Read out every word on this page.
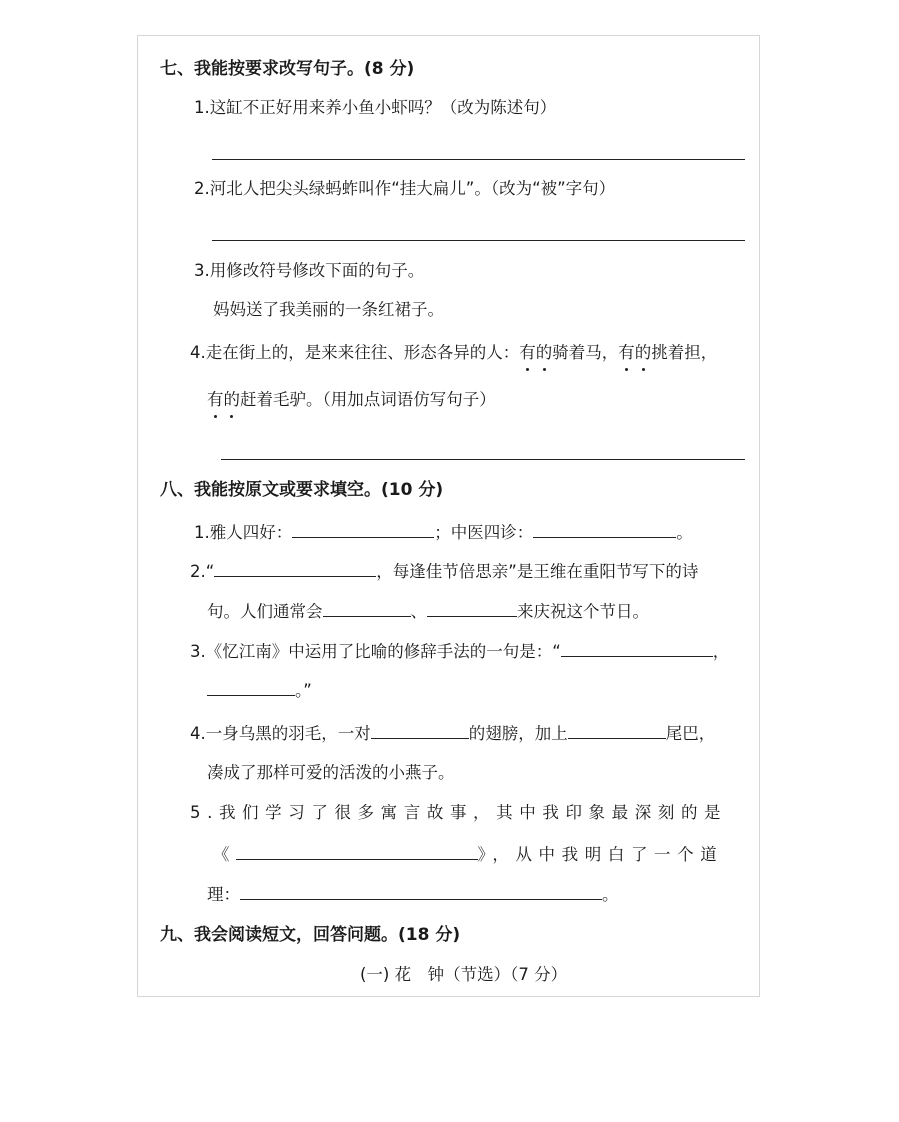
七、我能按要求改写句子。(8 分)
1.这缸不正好用来养小鱼小虾吗？（改为陈述句）
2.河北人把尖头绿蚂蚱叫作“挂大扁儿”。（改为“被”字句）
3.用修改符号修改下面的句子。
妈妈送了我美丽的一条红裙子。
4.走在街上的，是来来往往、形态各异的人：有的骑着马，有的挑着担，
有的赶着毛驴。（用加点词语仿写句子）
八、我能按原文或要求填空。(10 分)
1.雅人四好：	；中医四诊：	。
2.“	，每逢佳节倍思亲”是王维在重阳节写下的诗
句。人们通常会	、	来庆祝这个节日。
3.《忆江南》中运用了比喻的修辞手法的一句是：“	，
。”
4.一身乌黑的羽毛，一对	的翅膀，加上	尾巴，
凑成了那样可爱的活泼的小燕子。
5.我们学习了很多寓言故事，其中我印象最深刻的是
《	》，从中我明白了一个道
理：	。
九、我会阅读短文，回答问题。(18 分)
(一) 花　钟（节选）（7 分）
